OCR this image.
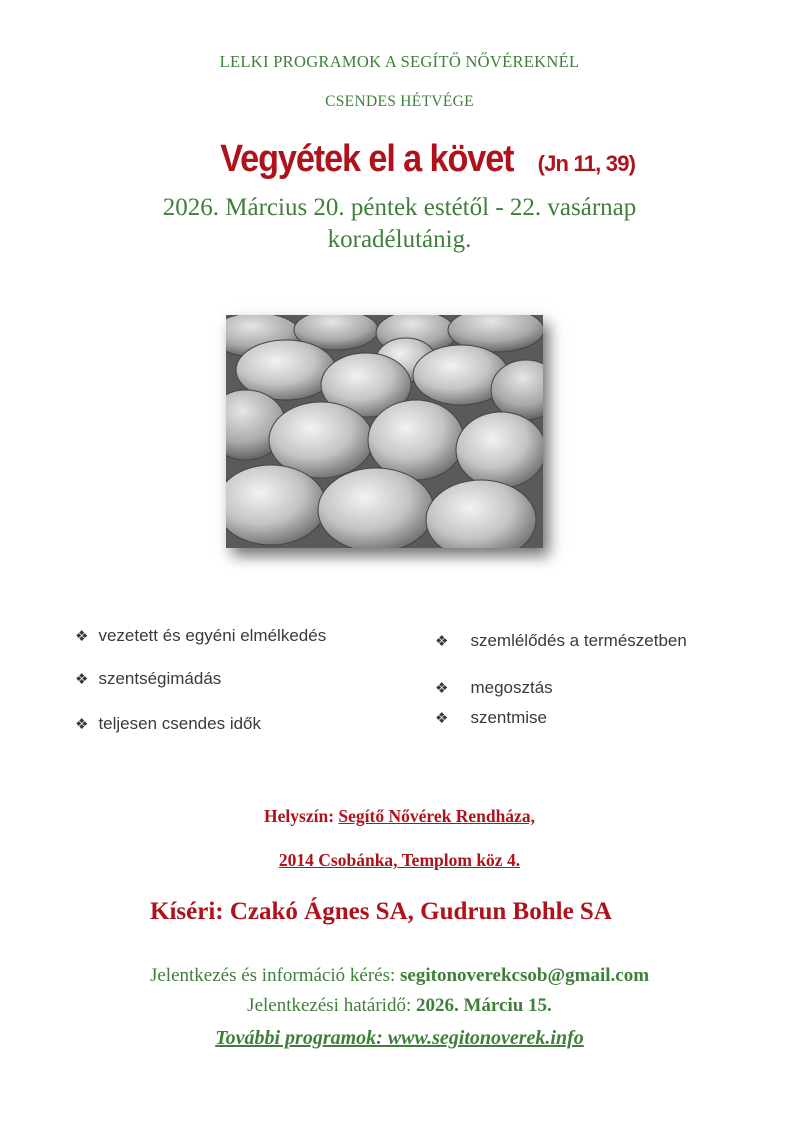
LELKI PROGRAMOK A SEGÍTŐ NŐVÉREKNÉL
CSENDES HÉTVÉGE
Vegyétek el a követ (Jn 11, 39)
2026. Március 20. péntek estétől - 22. vasárnap
koradélutánig.
❖ vezetett és egyéni elmélkedés
❖ szentségimádás
❖ teljesen csendes idők
❖ szemlélődés a természetben
❖ megosztás
❖ szentmise
Helyszín: Segítő Nővérek Rendháza,
2014 Csobánka, Templom köz 4.
Kíséri: Czakó Ágnes SA, Gudrun Bohle SA
Jelentkezés és információ kérés: segitonoverekcsob@gmail.com
Jelentkezési határidő: 2026. Márciu 15.
További programok: www.segitonoverek.info
